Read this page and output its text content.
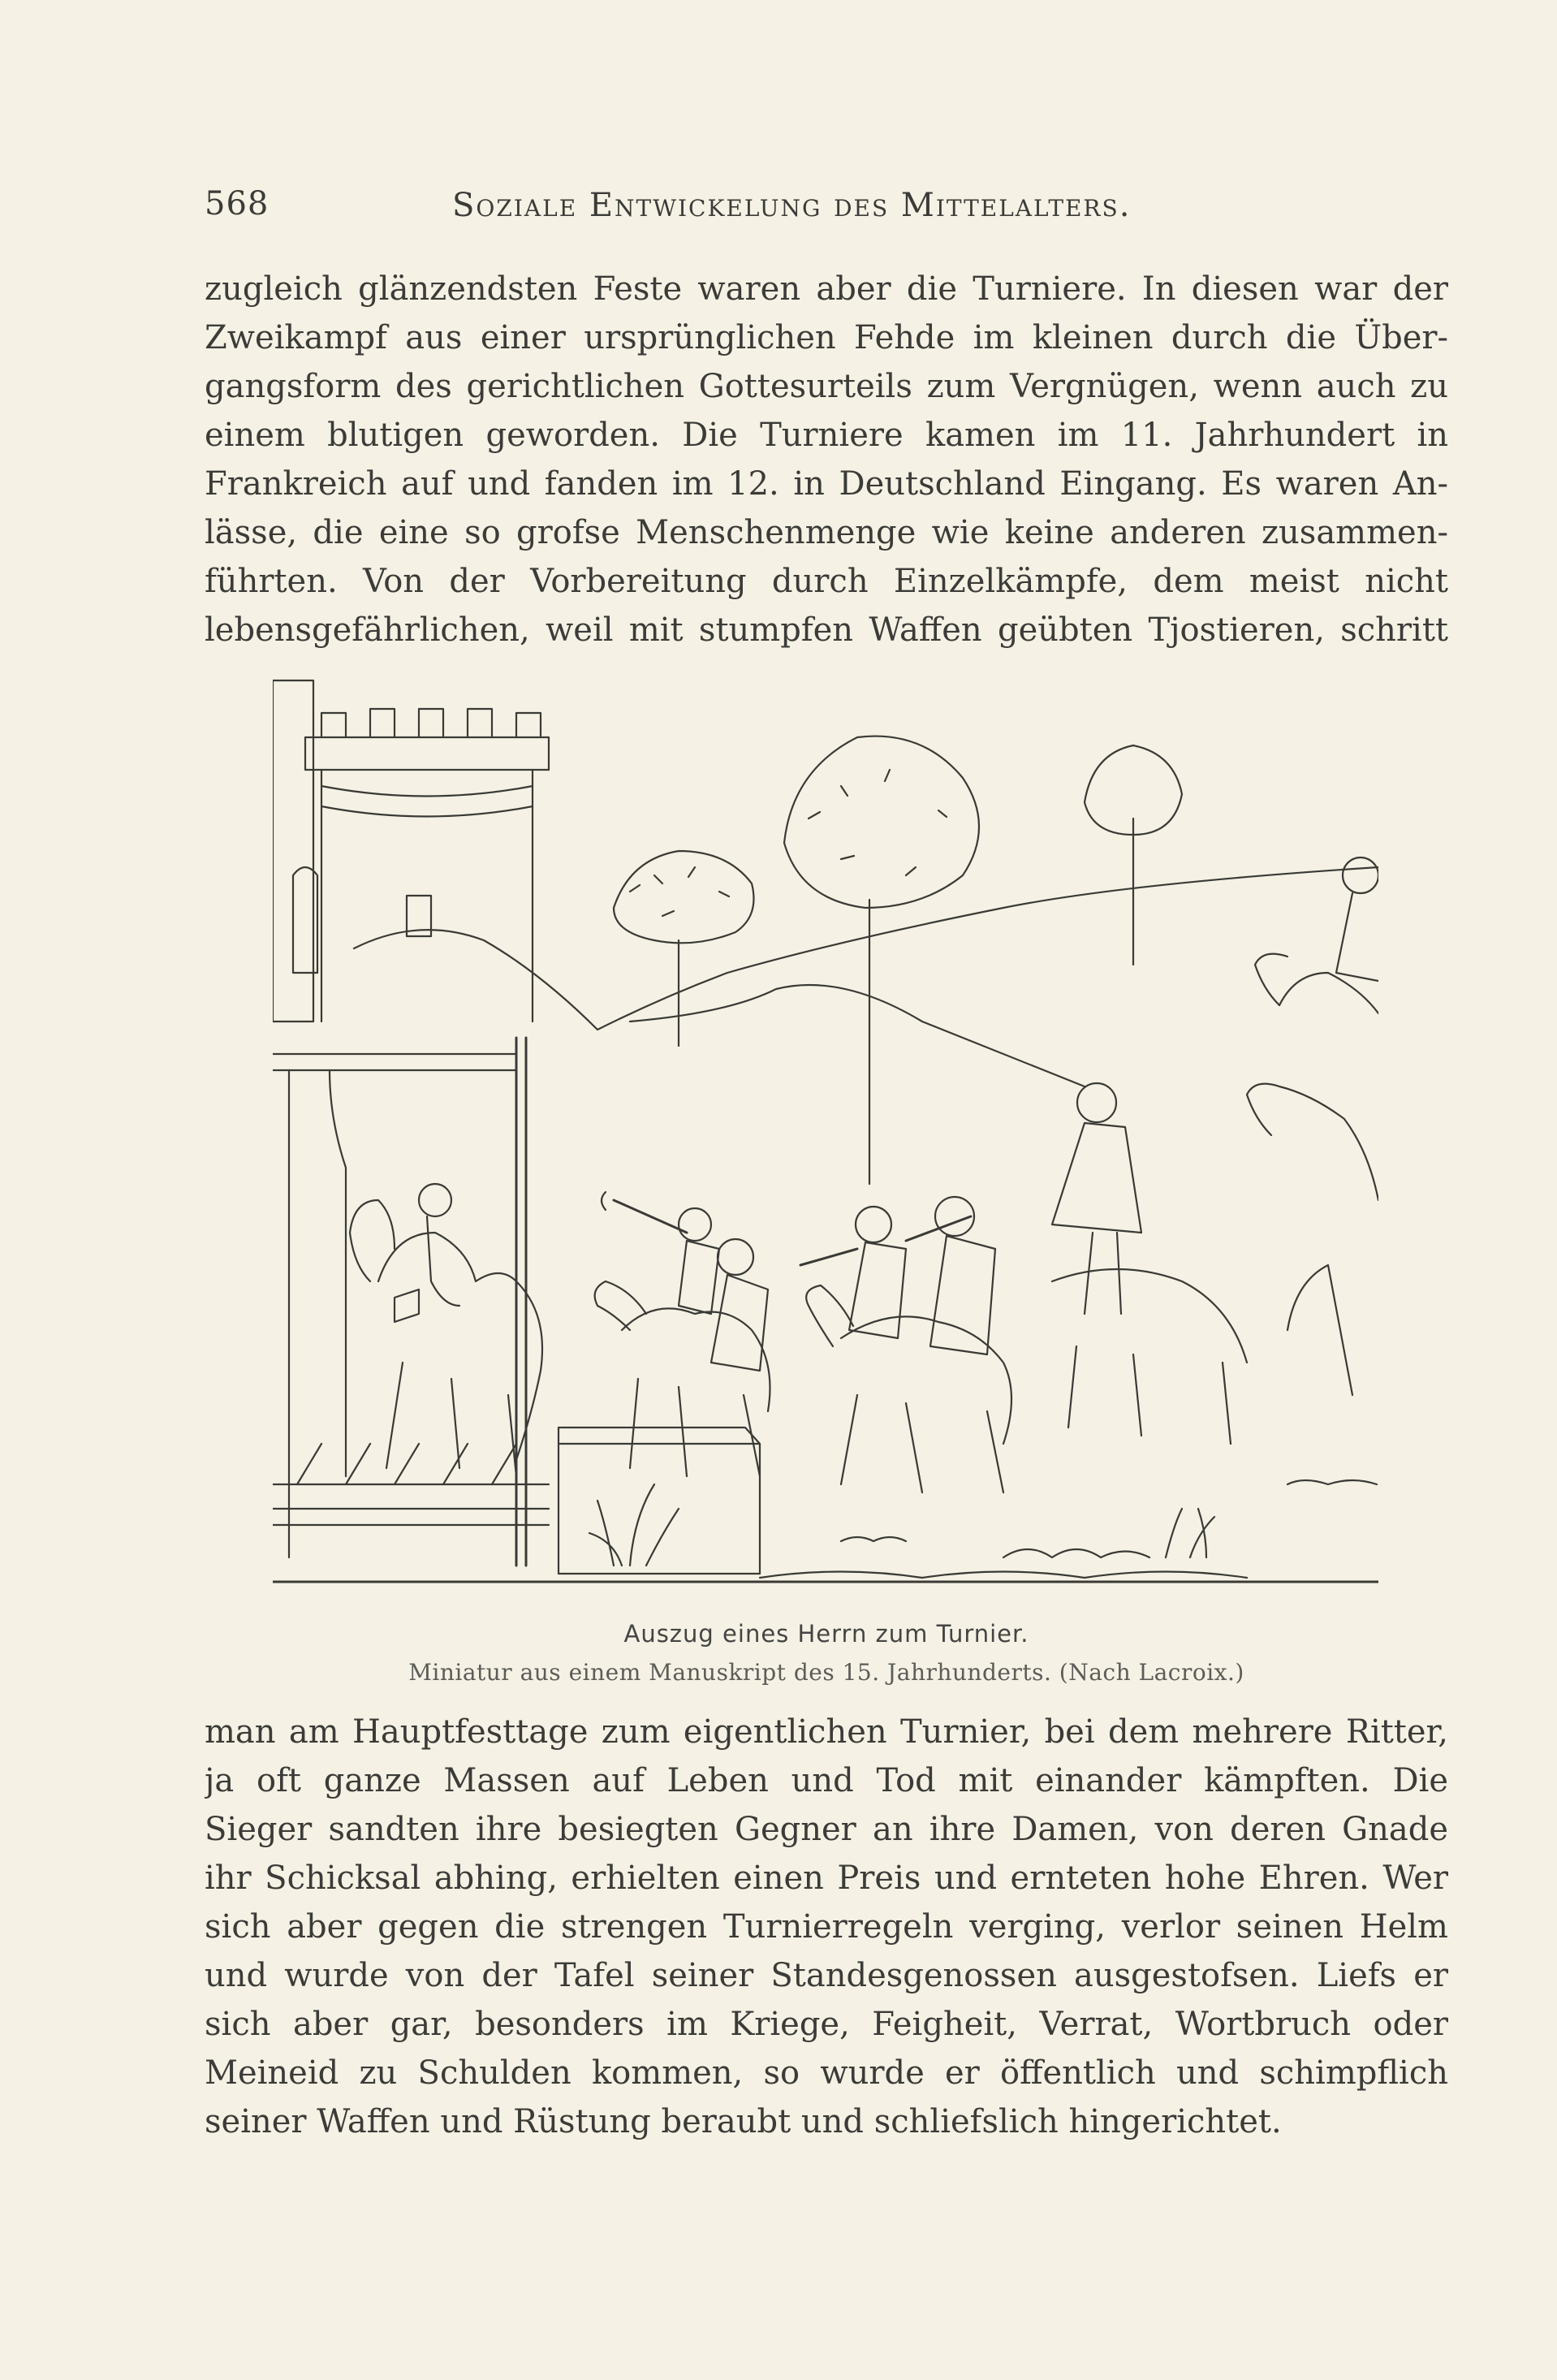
568	Soziale Entwickelung des Mittelalters.

zugleich glänzendsten Feste waren aber die Turniere. In diesen war der

Zweikampf aus einer ursprünglichen Fehde im kleinen durch die Über-

gangsform des gerichtlichen Gottesurteils zum Vergnügen, wenn auch zu

einem blutigen geworden. Die Turniere kamen im 11. Jahrhundert in

Frankreich auf und fanden im 12. in Deutschland Eingang. Es waren An-

lässe, die eine so grofse Menschenmenge wie keine anderen zusammen-

führten. Von der Vorbereitung durch Einzelkämpfe, dem meist nicht

lebensgefährlichen, weil mit stumpfen Waffen geübten Tjostieren, schritt

Auszug eines Herrn zum Turnier.
Miniatur aus einem Manuskript des 15. Jahrhunderts. (Nach Lacroix.)

man am Hauptfesttage zum eigentlichen Turnier, bei dem mehrere Ritter,

ja oft ganze Massen auf Leben und Tod mit einander kämpften. Die

Sieger sandten ihre besiegten Gegner an ihre Damen, von deren Gnade

ihr Schicksal abhing, erhielten einen Preis und ernteten hohe Ehren. Wer

sich aber gegen die strengen Turnierregeln verging, verlor seinen Helm

und wurde von der Tafel seiner Standesgenossen ausgestofsen. Liefs er

sich aber gar, besonders im Kriege, Feigheit, Verrat, Wortbruch oder

Meineid zu Schulden kommen, so wurde er öffentlich und schimpflich

seiner Waffen und Rüstung beraubt und schliefslich hingerichtet.
